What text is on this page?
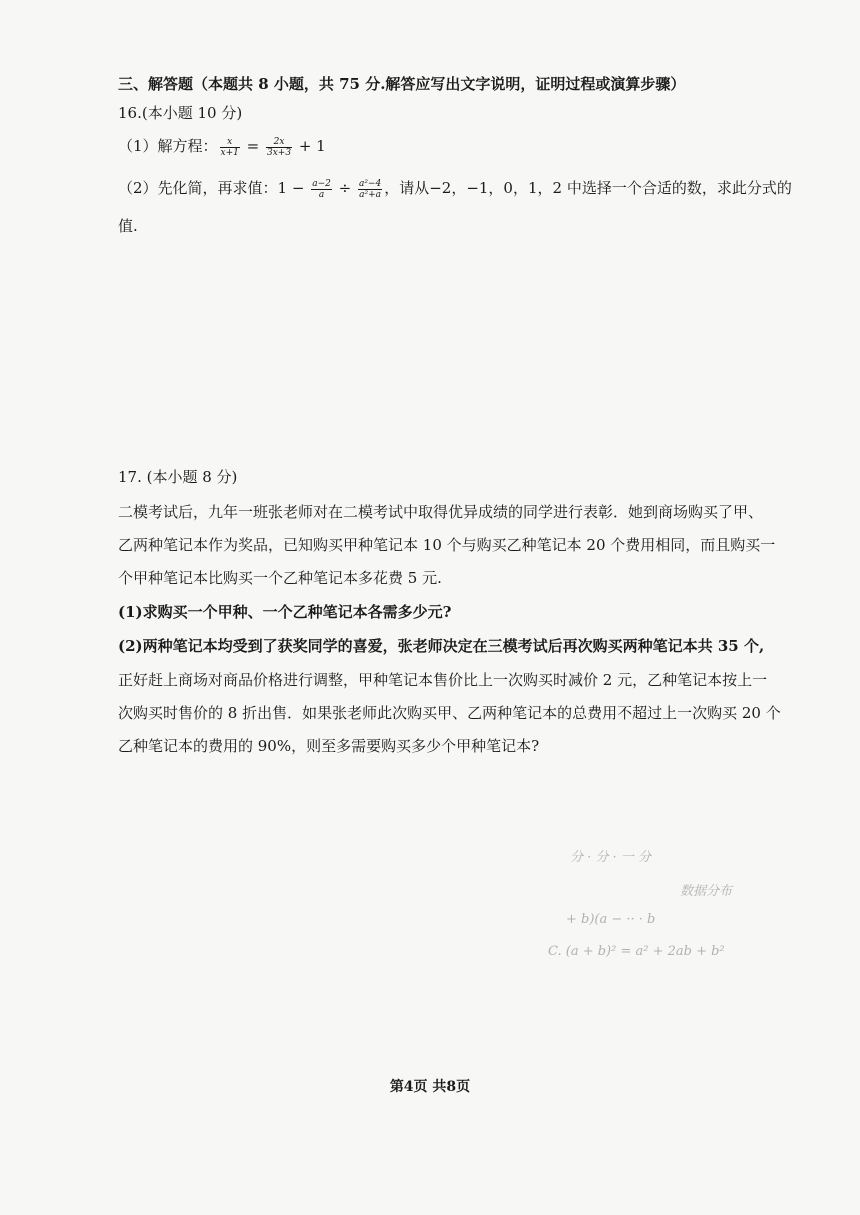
三、解答题（本题共 8 小题，共 75 分.解答应写出文字说明，证明过程或演算步骤）
16.(本小题 10 分)
（1）解方程： $\frac{x}{x+1} = \frac{2x}{3x+3} + 1$
（2）先化简，再求值：$1 - \frac{a-2}{a} \div \frac{\text{a²−4}}{\text{a²+a}}$ ，请从−2，−1，0，1，2 中选择一个合适的数，求此分式的
值.
17. (本小题 8 分)
二模考试后，九年一班张老师对在二模考试中取得优异成绩的同学进行表彰．她到商场购买了甲、
乙两种笔记本作为奖品，已知购买甲种笔记本 10 个与购买乙种笔记本 20 个费用相同，而且购买一
个甲种笔记本比购买一个乙种笔记本多花费 5 元.
(1)求购买一个甲种、一个乙种笔记本各需多少元?
(2)两种笔记本均受到了获奖同学的喜爱，张老师决定在三模考试后再次购买两种笔记本共 35 个,
正好赶上商场对商品价格进行调整，甲种笔记本售价比上一次购买时减价 2 元，乙种笔记本按上一
次购买时售价的 8 折出售．如果张老师此次购买甲、乙两种笔记本的总费用不超过上一次购买 20 个
乙种笔记本的费用的 90%，则至多需要购买多少个甲种笔记本?
分 · 分 · 一 分
数据分布
+ b)(a − ·· · b
C. (a + b)² = a² + 2ab + b²
第4页 共8页
